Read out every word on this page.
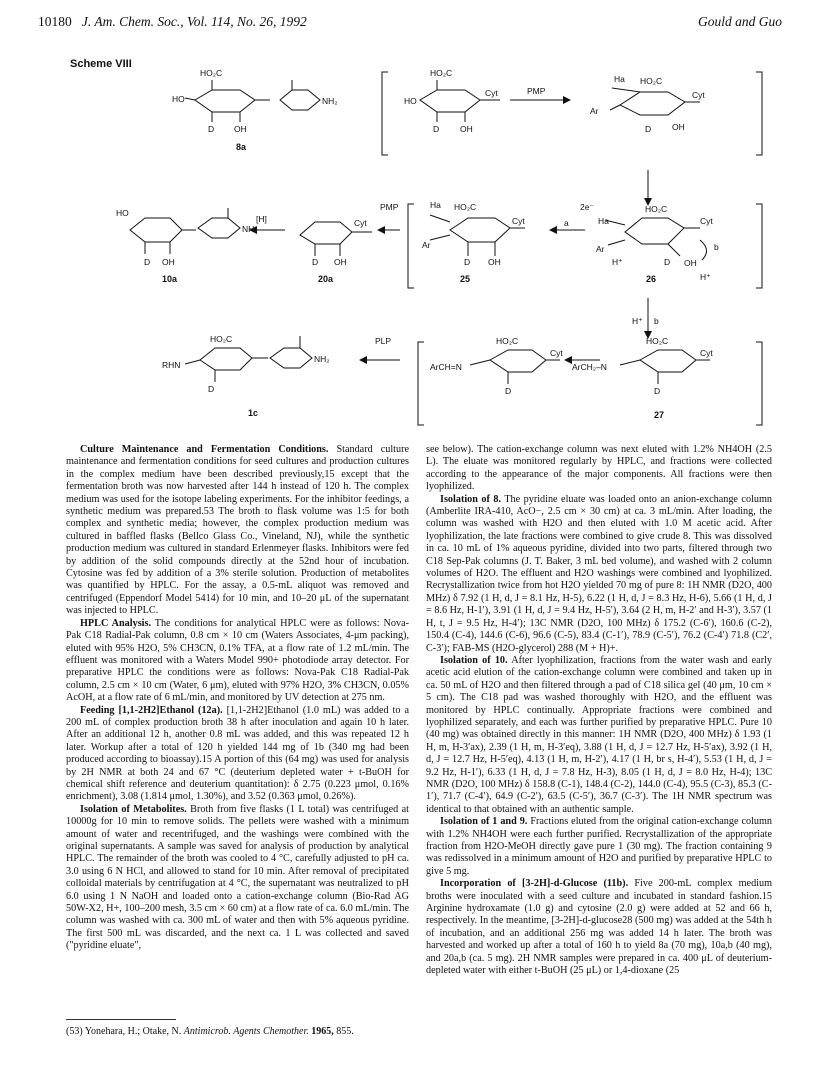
10180 J. Am. Chem. Soc., Vol. 114, No. 26, 1992	Gould and Guo
Scheme VIII
HO₂C
HO
OH
D
NH₂
8a
HO₂C
HO
Cyt
OH
D
PMP
Ha HO₂C
Ar
Cyt
OH
D
HO
D OH
NH₂
10a
[H]	Cyt
D OH
20a
PMP	Ha HO₂C
Ar
Cyt
D OH
25
a
2e⁻
Ha
HO₂C
Ar
Cyt
H⁺	D OH
b
H⁺
26
H⁺ b
HO₂C
RHN
D
NH₂
1c
PLP	HO₂C
ArCH=N
Cyt
D
HO₂C
ArCH₂–N
Cyt
D
27

Culture Maintenance and Fermentation Conditions. Standard culture maintenance and fermentation conditions for seed cultures and production cultures in the complex medium have been described previously,15 except that the fermentation broth was now harvested after 144 h instead of 120 h. The complex medium was used for the isotope labeling experiments. For the inhibitor feedings, a synthetic medium was prepared.53 The broth to flask volume was 1:5 for both complex and synthetic media; however, the complex production medium was cultured in baffled flasks (Bellco Glass Co., Vineland, NJ), while the synthetic production medium was cultured in standard Erlenmeyer flasks. Inhibitors were fed by addition of the solid compounds directly at the 52nd hour of incubation. Cytosine was fed by addition of a 3% sterile solution. Production of metabolites was quantified by HPLC. For the assay, a 0.5-mL aliquot was removed and centrifuged (Eppendorf Model 5414) for 10 min, and 10–20 μL of the supernatant was injected to HPLC.

HPLC Analysis. The conditions for analytical HPLC were as follows: Nova-Pak C18 Radial-Pak column, 0.8 cm × 10 cm (Waters Associates, 4-μm packing), eluted with 95% H2O, 5% CH3CN, 0.1% TFA, at a flow rate of 1.2 mL/min. The effluent was monitored with a Waters Model 990+ photodiode array detector. For preparative HPLC the conditions were as follows: Nova-Pak C18 Radial-Pak column, 2.5 cm × 10 cm (Water, 6 μm), eluted with 97% H2O, 3% CH3CN, 0.05% AcOH, at a flow rate of 6 mL/min, and monitored by UV detection at 275 nm.

Feeding [1,1-2H2]Ethanol (12a). [1,1-2H2]Ethanol (1.0 mL) was added to a 200 mL of complex production broth 38 h after inoculation and again 10 h later. After an additional 12 h, another 0.8 mL was added, and this was repeated 12 h later. Workup after a total of 120 h yielded 144 mg of 1b (340 mg had been produced according to bioassay).15 A portion of this (64 mg) was used for analysis by 2H NMR at both 24 and 67 °C (deuterium depleted water + t-BuOH for chemical shift reference and deuterium quantitation): δ 2.75 (0.223 μmol, 0.16% enrichment), 3.08 (1.814 μmol, 1.30%), and 3.52 (0.363 μmol, 0.26%).

Isolation of Metabolites. Broth from five flasks (1 L total) was centrifuged at 10000g for 10 min to remove solids. The pellets were washed with a minimum amount of water and recentrifuged, and the washings were combined with the original supernatants. A sample was saved for analysis of production by analytical HPLC. The remainder of the broth was cooled to 4 °C, carefully adjusted to pH ca. 3.0 using 6 N HCl, and allowed to stand for 10 min. After removal of precipitated colloidal materials by centrifugation at 4 °C, the supernatant was neutralized to pH 6.0 using 1 N NaOH and loaded onto a cation-exchange column (Bio-Rad AG 50W-X2, H+, 100–200 mesh, 3.5 cm × 60 cm) at a flow rate of ca. 6.0 mL/min. The column was washed with ca. 300 mL of water and then with 5% aqueous pyridine. The first 500 mL was discarded, and the next ca. 1 L was collected and saved ("pyridine eluate",

see below). The cation-exchange column was next eluted with 1.2% NH4OH (2.5 L). The eluate was monitored regularly by HPLC, and fractions were collected according to the appearance of the major components. All fractions were then lyophilized.

Isolation of 8. The pyridine eluate was loaded onto an anion-exchange column (Amberlite IRA-410, AcO−, 2.5 cm × 30 cm) at ca. 3 mL/min. After loading, the column was washed with H2O and then eluted with 1.0 M acetic acid. After lyophilization, the late fractions were combined to give crude 8. This was dissolved in ca. 10 mL of 1% aqueous pyridine, divided into two parts, filtered through two C18 Sep-Pak columns (J. T. Baker, 3 mL bed volume), and washed with 2 column volumes of H2O. The effluent and H2O washings were combined and lyophilized. Recrystallization twice from hot H2O yielded 70 mg of pure 8: 1H NMR (D2O, 400 MHz) δ 7.92 (1 H, d, J = 8.1 Hz, H-5), 6.22 (1 H, d, J = 8.3 Hz, H-6), 5.66 (1 H, d, J = 8.6 Hz, H-1′), 3.91 (1 H, d, J = 9.4 Hz, H-5′), 3.64 (2 H, m, H-2′ and H-3′), 3.57 (1 H, t, J = 9.5 Hz, H-4′); 13C NMR (D2O, 100 MHz) δ 175.2 (C-6′), 160.6 (C-2), 150.4 (C-4), 144.6 (C-6), 96.6 (C-5), 83.4 (C-1′), 78.9 (C-5′), 76.2 (C-4′) 71.8 (C2′, C-3′); FAB-MS (H2O-glycerol) 288 (M + H)+.

Isolation of 10. After lyophilization, fractions from the water wash and early acetic acid elution of the cation-exchange column were combined and taken up in ca. 50 mL of H2O and then filtered through a pad of C18 silica gel (40 μm, 10 cm × 5 cm). The C18 pad was washed thoroughly with H2O, and the effluent was monitored by HPLC continually. Appropriate fractions were combined and lyophilized separately, and each was further purified by preparative HPLC. Pure 10 (40 mg) was obtained directly in this manner: 1H NMR (D2O, 400 MHz) δ 1.93 (1 H, m, H-3′ax), 2.39 (1 H, m, H-3′eq), 3.88 (1 H, d, J = 12.7 Hz, H-5′ax), 3.92 (1 H, d, J = 12.7 Hz, H-5′eq), 4.13 (1 H, m, H-2′), 4.17 (1 H, br s, H-4′), 5.53 (1 H, d, J = 9.2 Hz, H-1′), 6.33 (1 H, d, J = 7.8 Hz, H-3), 8.05 (1 H, d, J = 8.0 Hz, H-4); 13C NMR (D2O, 100 MHz) δ 158.8 (C-1), 148.4 (C-2), 144.0 (C-4), 95.5 (C-3), 85.3 (C-1′), 71.7 (C-4′), 64.9 (C-2′), 63.5 (C-5′), 36.7 (C-3′). The 1H NMR spectrum was identical to that obtained with an authentic sample.

Isolation of 1 and 9. Fractions eluted from the original cation-exchange column with 1.2% NH4OH were each further purified. Recrystallization of the appropriate fraction from H2O-MeOH directly gave pure 1 (30 mg). The fraction containing 9 was redissolved in a minimum amount of H2O and purified by preparative HPLC to give 5 mg.

Incorporation of [3-2H]-d-Glucose (11b). Five 200-mL complex medium broths were inoculated with a seed culture and incubated in standard fashion.15 Arginine hydroxamate (1.0 g) and cytosine (2.0 g) were added at 52 and 66 h, respectively. In the meantime, [3-2H]-d-glucose28 (500 mg) was added at the 54th h of incubation, and an additional 256 mg was added 14 h later. The broth was harvested and worked up after a total of 160 h to yield 8a (70 mg), 10a,b (40 mg), and 20a,b (ca. 5 mg). 2H NMR samples were prepared in ca. 400 μL of deuterium-depleted water with either t-BuOH (25 μL) or 1,4-dioxane (25

(53) Yonehara, H.; Otake, N. Antimicrob. Agents Chemother. 1965, 855.
